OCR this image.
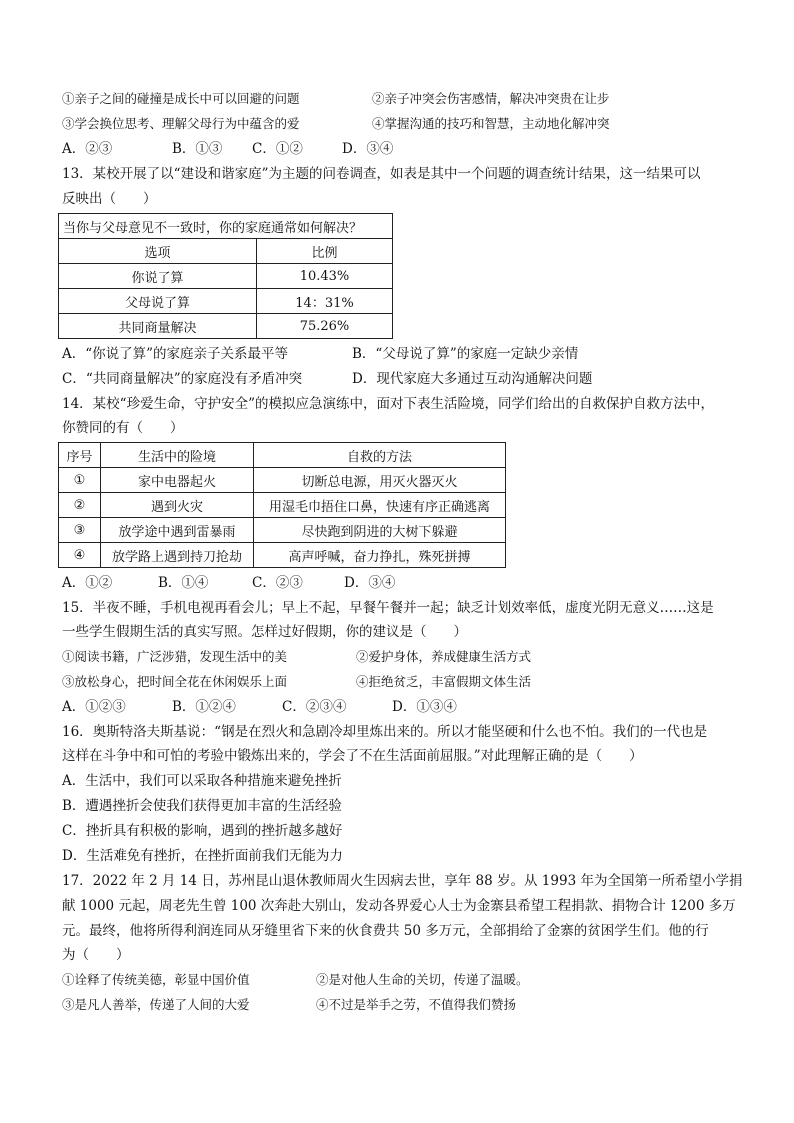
①亲子之间的碰撞是成长中可以回避的问题	②亲子冲突会伤害感情，解决冲突贵在让步
③学会换位思考、理解父母行为中蕴含的爱	④掌握沟通的技巧和智慧，主动地化解冲突
A．②③	B．①③ C．①②	D．③④
13．某校开展了以“建设和谐家庭”为主题的问卷调查，如表是其中一个问题的调查统计结果，这一结果可以
反映出（　　）
当你与父母意见不一致时，你的家庭通常如何解决？	
选项	比例
你说了算	10.43%
父母说了算	14：31%
共同商量解决	75.26%
A．“你说了算”的家庭亲子关系最平等	B．“父母说了算”的家庭一定缺少亲情
C．“共同商量解决”的家庭没有矛盾冲突	D．现代家庭大多通过互动沟通解决问题
14．某校“珍爱生命，守护安全”的模拟应急演练中，面对下表生活险境，同学们给出的自救保护自救方法中，
你赞同的有（　　）
序号	生活中的险境	自救的方法
①	家中电器起火	切断总电源，用灭火器灭火
②	遇到火灾	用湿毛巾捂住口鼻，快速有序正确逃离
③	放学途中遇到雷暴雨	尽快跑到阴进的大树下躲避
④	放学路上遇到持刀抢劫	高声呼喊，奋力挣扎，殊死拼搏
A．①②	B．①④	C．②③	D．③④
15．半夜不睡，手机电视再看会儿；早上不起，早餐午餐并一起；缺乏计划效率低，虚度光阴无意义……这是
一些学生假期生活的真实写照。怎样过好假期，你的建议是（　　）
①阅读书籍，广泛涉猎，发现生活中的美	②爱护身体，养成健康生活方式
③放松身心，把时间全花在休闲娱乐上面	④拒绝贫乏，丰富假期文体生活
A．①②③	B．①②④	C．②③④	D．①③④
16．奥斯特洛夫斯基说：“钢是在烈火和急剧冷却里炼出来的。所以才能坚硬和什么也不怕。我们的一代也是
这样在斗争中和可怕的考验中锻炼出来的，学会了不在生活面前屈服。”对此理解正确的是（　　）
A．生活中，我们可以采取各种措施来避免挫折
B．遭遇挫折会使我们获得更加丰富的生活经验
C．挫折具有积极的影响，遇到的挫折越多越好
D．生活难免有挫折，在挫折面前我们无能为力
17．2022 年 2 月 14 日，苏州昆山退休教师周火生因病去世，享年 88 岁。从 1993 年为全国第一所希望小学捐
献 1000 元起，周老先生曾 100 次奔赴大别山，发动各界爱心人士为金寨县希望工程捐款、捐物合计 1200 多万
元。最终，他将所得利润连同从牙缝里省下来的伙食费共 50 多万元，全部捐给了金寨的贫困学生们。他的行
为（　　）
①诠释了传统美德，彰显中国价值	②是对他人生命的关切，传递了温暖。
③是凡人善举，传递了人间的大爱	④不过是举手之劳，不值得我们赞扬
